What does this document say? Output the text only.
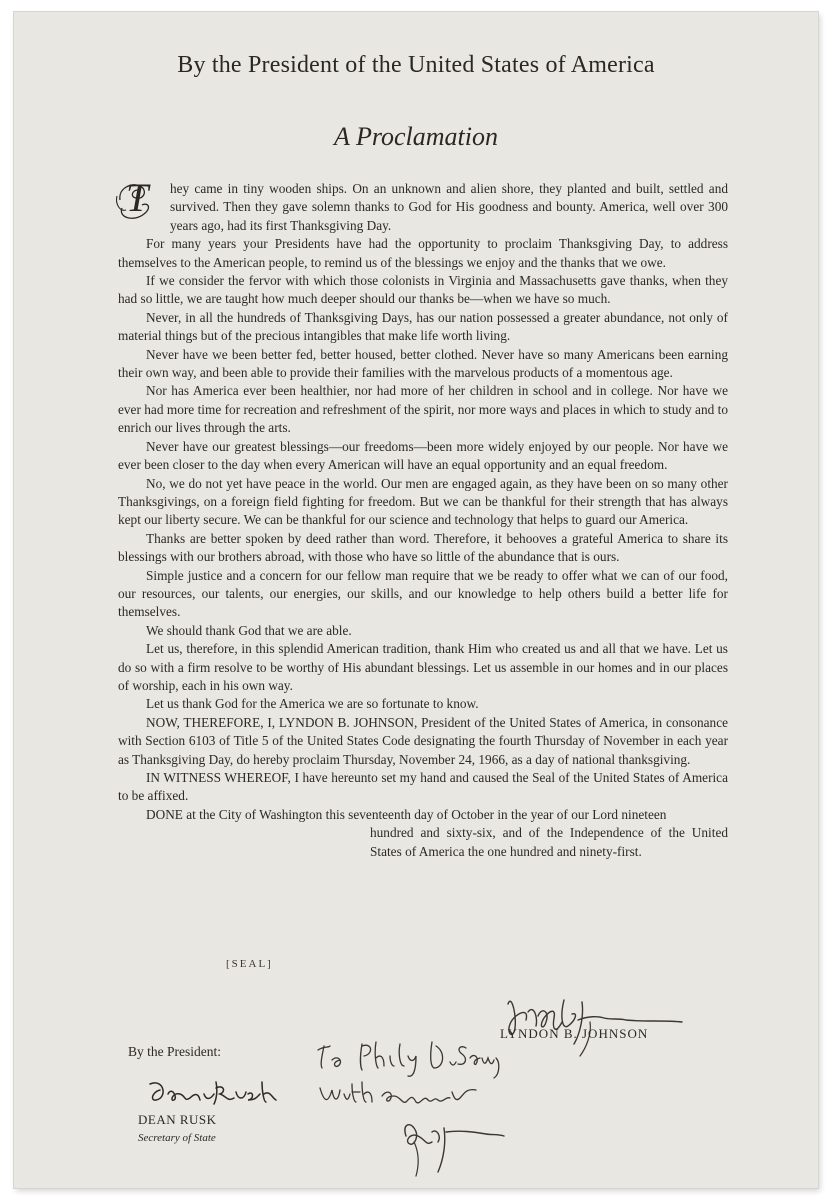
By the President of the United States of America
A Proclamation

T hey came in tiny wooden ships. On an unknown and alien shore, they planted and built, settled and survived. Then they gave solemn thanks to God for His goodness and bounty. America, well over 300 years ago, had its first Thanksgiving Day.

For many years your Presidents have had the opportunity to proclaim Thanksgiving Day, to address themselves to the American people, to remind us of the blessings we enjoy and the thanks that we owe.

If we consider the fervor with which those colonists in Virginia and Massachusetts gave thanks, when they had so little, we are taught how much deeper should our thanks be—when we have so much.

Never, in all the hundreds of Thanksgiving Days, has our nation possessed a greater abundance, not only of material things but of the precious intangibles that make life worth living.

Never have we been better fed, better housed, better clothed. Never have so many Americans been earning their own way, and been able to provide their families with the marvelous products of a momentous age.

Nor has America ever been healthier, nor had more of her children in school and in college. Nor have we ever had more time for recreation and refreshment of the spirit, nor more ways and places in which to study and to enrich our lives through the arts.

Never have our greatest blessings—our freedoms—been more widely enjoyed by our people. Nor have we ever been closer to the day when every American will have an equal opportunity and an equal freedom.

No, we do not yet have peace in the world. Our men are engaged again, as they have been on so many other Thanksgivings, on a foreign field fighting for freedom. But we can be thankful for their strength that has always kept our liberty secure. We can be thankful for our science and technology that helps to guard our America.

Thanks are better spoken by deed rather than word. Therefore, it behooves a grateful America to share its blessings with our brothers abroad, with those who have so little of the abundance that is ours.

Simple justice and a concern for our fellow man require that we be ready to offer what we can of our food, our resources, our talents, our energies, our skills, and our knowledge to help others build a better life for themselves.

We should thank God that we are able.

Let us, therefore, in this splendid American tradition, thank Him who created us and all that we have. Let us do so with a firm resolve to be worthy of His abundant blessings. Let us assemble in our homes and in our places of worship, each in his own way.

Let us thank God for the America we are so fortunate to know.

NOW, THEREFORE, I, LYNDON B. JOHNSON, President of the United States of America, in consonance with Section 6103 of Title 5 of the United States Code designating the fourth Thursday of November in each year as Thanksgiving Day, do hereby proclaim Thursday, November 24, 1966, as a day of national thanksgiving.

IN WITNESS WHEREOF, I have hereunto set my hand and caused the Seal of the United States of America to be affixed.

DONE at the City of Washington this seventeenth day of October in the year of our Lord nineteen

hundred and sixty-six, and of the Independence of the United States of America the one hundred and ninety-first.

[SEAL]
LYNDON B. JOHNSON
By the President:
DEAN RUSK
Secretary of State
